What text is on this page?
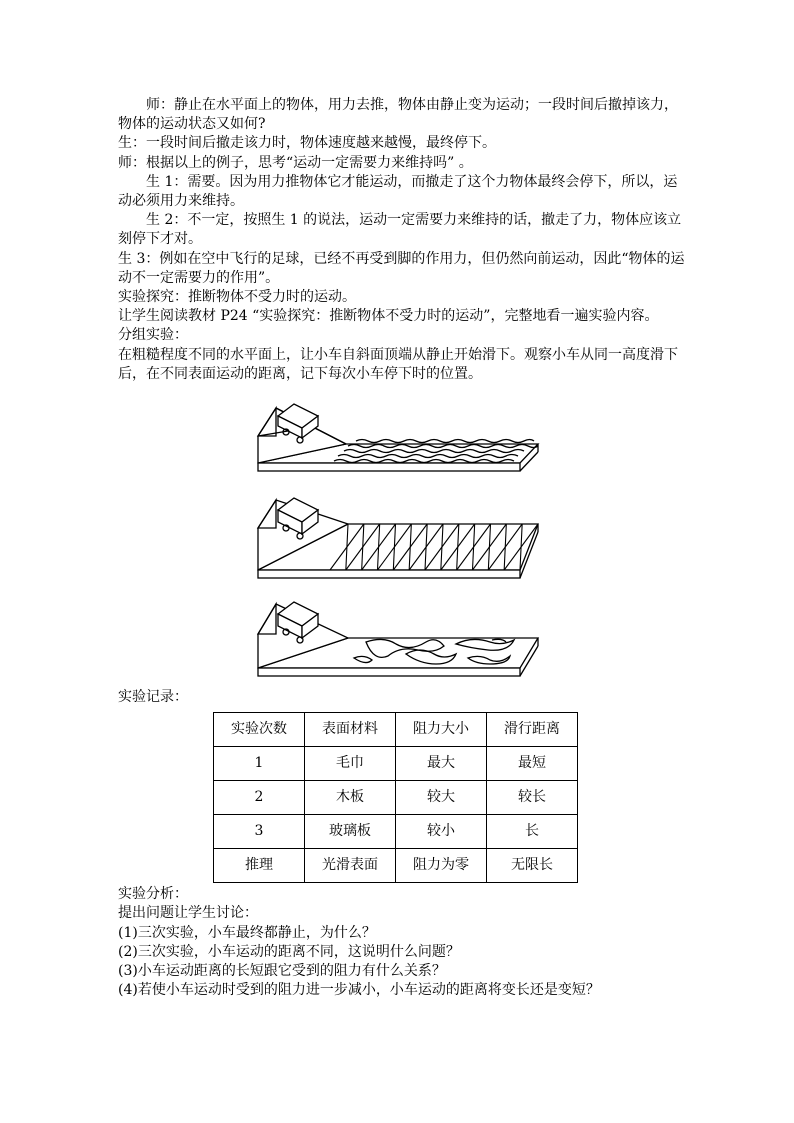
师：静止在水平面上的物体，用力去推，物体由静止变为运动；一段时间后撤掉该力，物体的运动状态又如何?

生：一段时间后撤走该力时，物体速度越来越慢，最终停下。

师：根据以上的例子，思考“运动一定需要力来维持吗” 。

生 1：需要。因为用力推物体它才能运动，而撤走了这个力物体最终会停下，所以，运动必须用力来维持。

生 2：不一定，按照生 1 的说法，运动一定需要力来维持的话，撤走了力，物体应该立刻停下才对。

生 3：例如在空中飞行的足球，已经不再受到脚的作用力，但仍然向前运动，因此“物体的运动不一定需要力的作用”。

实验探究：推断物体不受力时的运动。

让学生阅读教材 P24 “实验探究：推断物体不受力时的运动”，完整地看一遍实验内容。

分组实验：

在粗糙程度不同的水平面上，让小车自斜面顶端从静止开始滑下。观察小车从同一高度滑下后，在不同表面运动的距离，记下每次小车停下时的位置。

实验记录：

实验次数	表面材料	阻力大小	滑行距离
1	毛巾	最大	最短
2	木板	较大	较长
3	玻璃板	较小	长
推理	光滑表面	阻力为零	无限长

实验分析：

提出问题让学生讨论：

(1)三次实验，小车最终都静止，为什么？

(2)三次实验，小车运动的距离不同，这说明什么问题？

(3)小车运动距离的长短跟它受到的阻力有什么关系？

(4)若使小车运动时受到的阻力进一步减小，小车运动的距离将变长还是变短？
